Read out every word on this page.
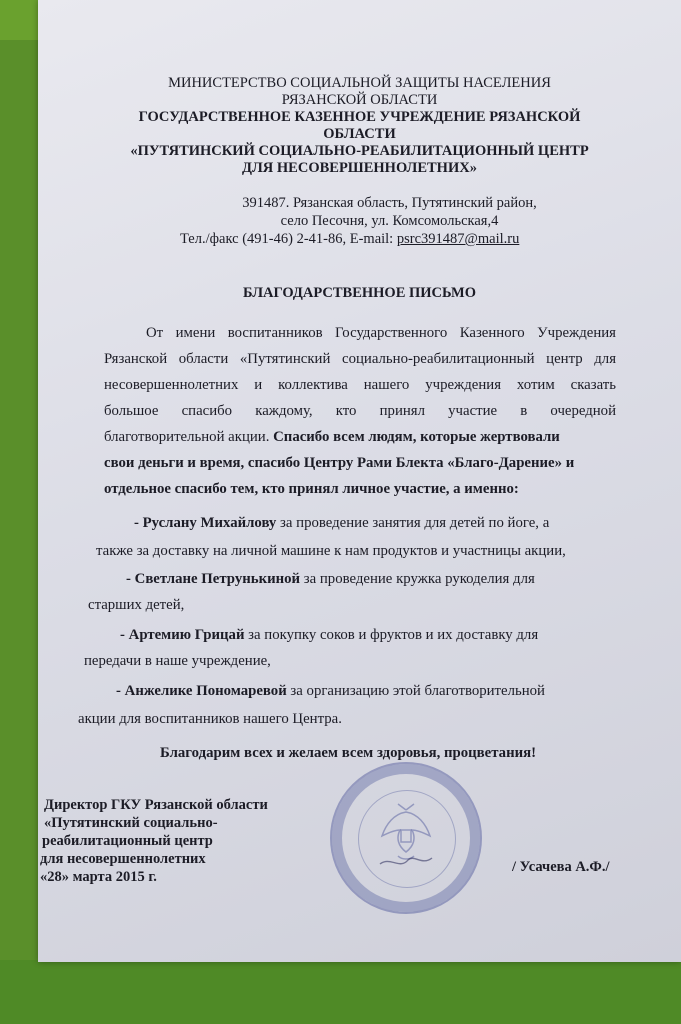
МИНИСТЕРСТВО СОЦИАЛЬНОЙ ЗАЩИТЫ НАСЕЛЕНИЯ
РЯЗАНСКОЙ ОБЛАСТИ
ГОСУДАРСТВЕННОЕ КАЗЕННОЕ УЧРЕЖДЕНИЕ РЯЗАНСКОЙ
ОБЛАСТИ
«ПУТЯТИНСКИЙ СОЦИАЛЬНО-РЕАБИЛИТАЦИОННЫЙ ЦЕНТР
ДЛЯ НЕСОВЕРШЕННОЛЕТНИХ»
391487. Рязанская область, Путятинский район,
село Песочня, ул. Комсомольская,4
Тел./факс (491-46) 2-41-86, E-mail: psrc391487@mail.ru
БЛАГОДАРСТВЕННОЕ ПИСЬМО
От имени воспитанников Государственного Казенного Учреждения
Рязанской области «Путятинский социально-реабилитационный центр для
несовершеннолетних и коллектива нашего учреждения хотим сказать
большое спасибо каждому, кто принял участие в очередной
благотворительной акции. Спасибо всем людям, которые жертвовали
свои деньги и время, спасибо Центру Рами Блекта «Благо-Дарение» и
отдельное спасибо тем, кто принял личное участие, а именно:
- Руслану Михайлову за проведение занятия для детей по йоге, а
также за доставку на личной машине к нам продуктов и участницы акции,
- Светлане Петрунькиной за проведение кружка рукоделия для
старших детей,
- Артемию Грицай за покупку соков и фруктов и их доставку для
передачи в наше учреждение,
- Анжелике Пономаревой за организацию этой благотворительной
акции для воспитанников нашего Центра.
Благодарим всех и желаем всем здоровья, процветания!
Директор ГКУ Рязанской области
«Путятинский социально-
реабилитационный центр
для несовершеннолетних
«28» марта 2015 г.
/ Усачева А.Ф./
